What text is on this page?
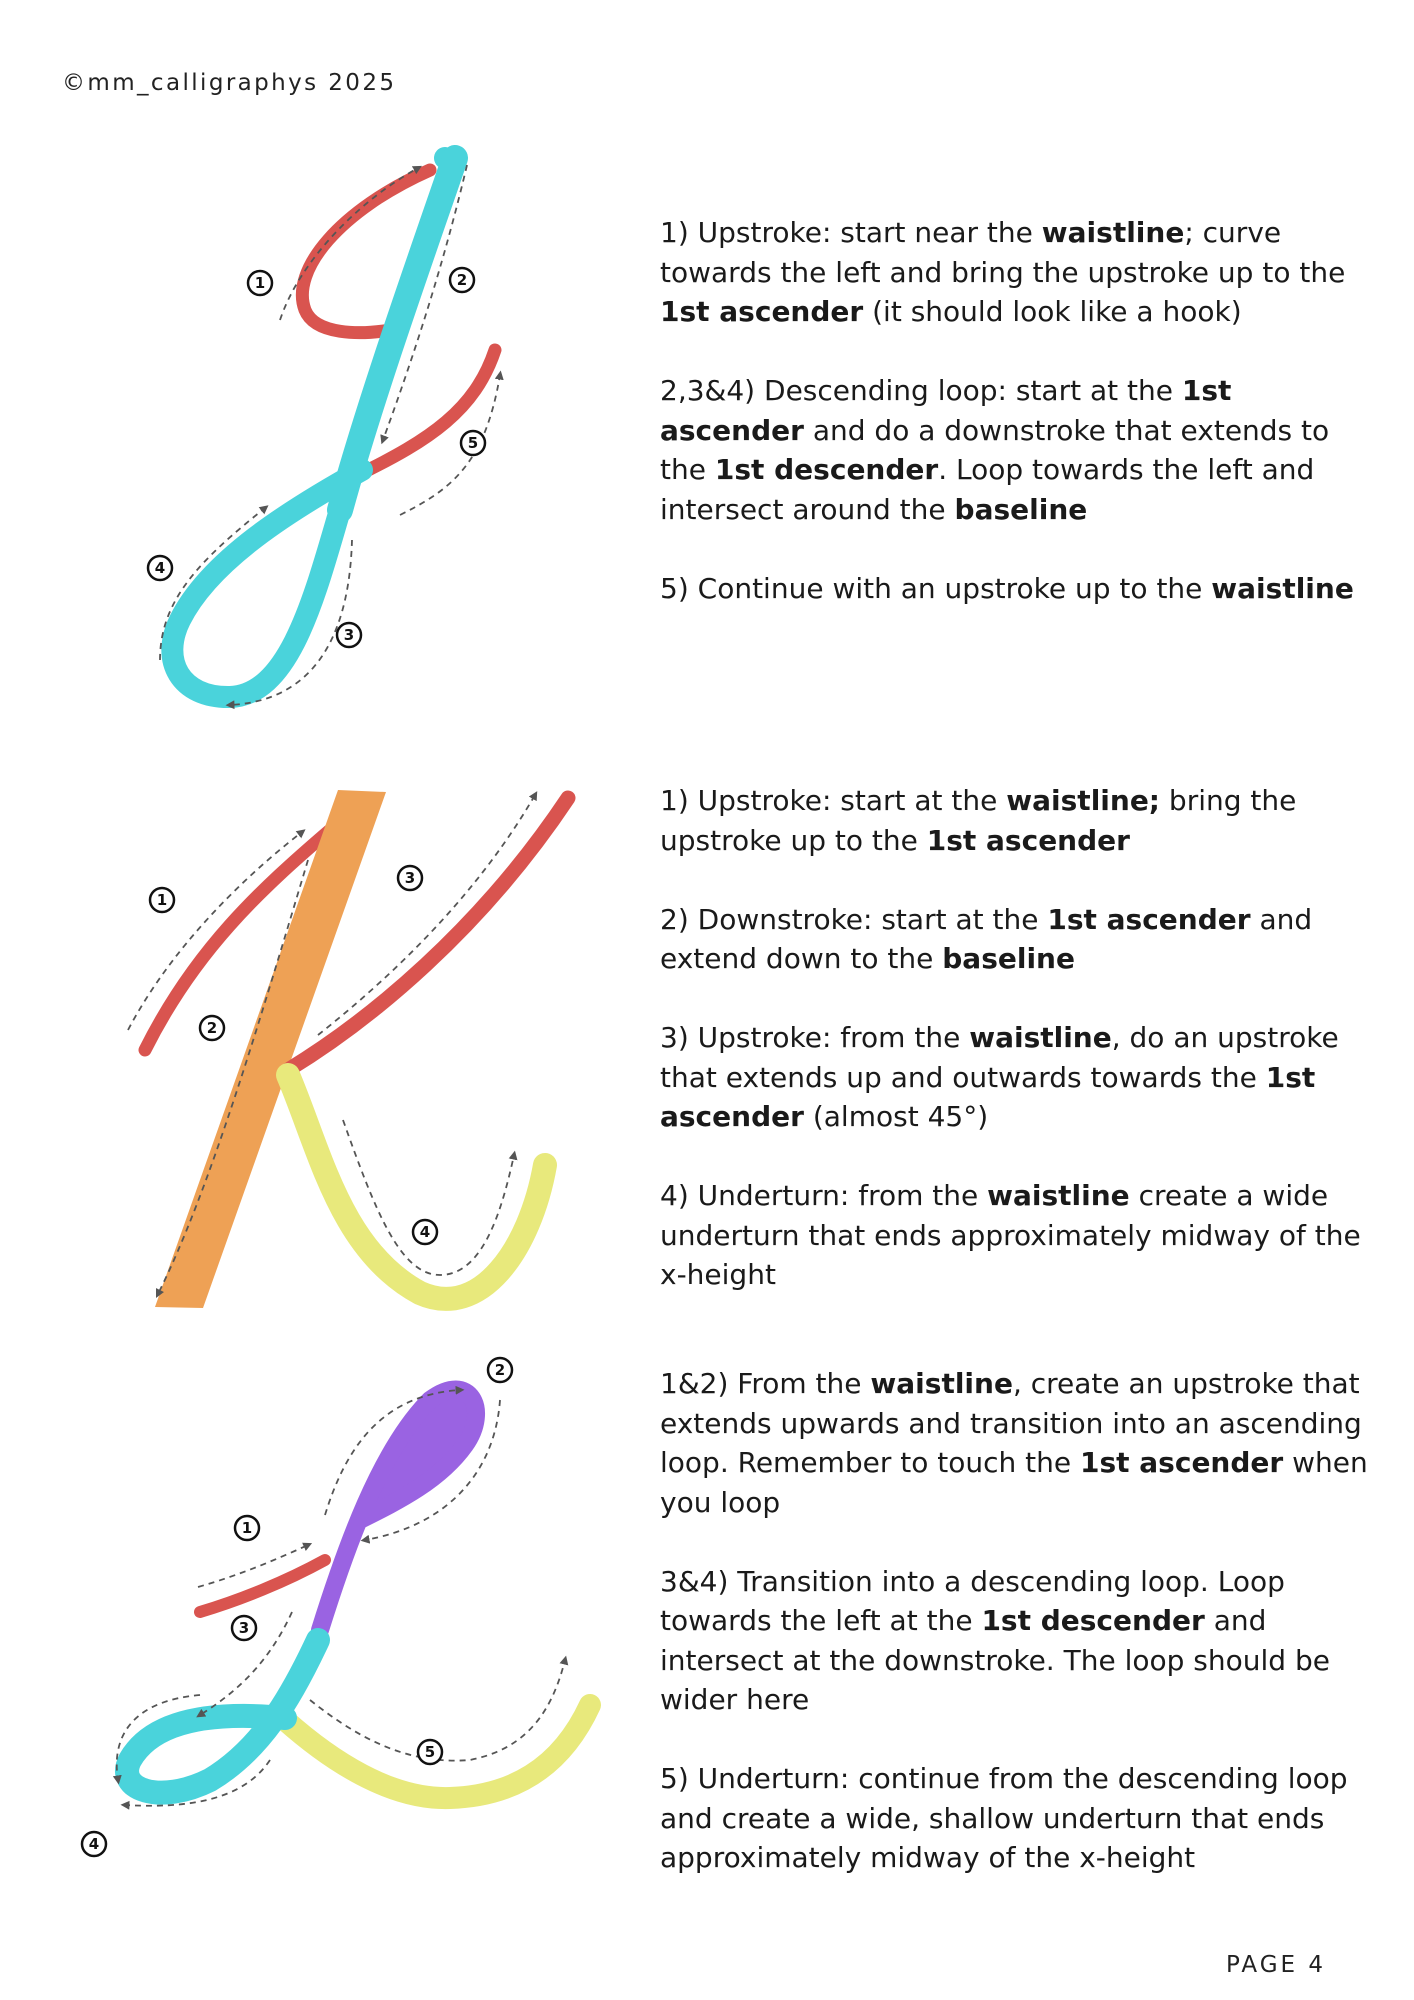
©mm_calligraphys 2025
1	2
4
5
3

1) Upstroke: start near the waistline; curve towards the left and bring the upstroke up to the 1st ascender (it should look like a hook)

2,3&4) Descending loop: start at the 1st ascender and do a downstroke that extends to the 1st descender. Loop towards the left and intersect around the baseline

5) Continue with an upstroke up to the waistline

1
3
2
4

1) Upstroke: start at the waistline; bring the upstroke up to the 1st ascender

2) Downstroke: start at the 1st ascender and extend down to the baseline

3) Upstroke: from the waistline, do an upstroke that extends up and outwards towards the 1st ascender (almost 45°)

4) Underturn: from the waistline create a wide underturn that ends approximately midway of the x-height

2
1
3
5
4

1&2) From the waistline, create an upstroke that extends upwards and transition into an ascending loop. Remember to touch the 1st ascender when you loop

3&4) Transition into a descending loop. Loop towards the left at the 1st descender and intersect at the downstroke. The loop should be wider here

5) Underturn: continue from the descending loop and create a wide, shallow underturn that ends approximately midway of the x-height

PAGE 4
